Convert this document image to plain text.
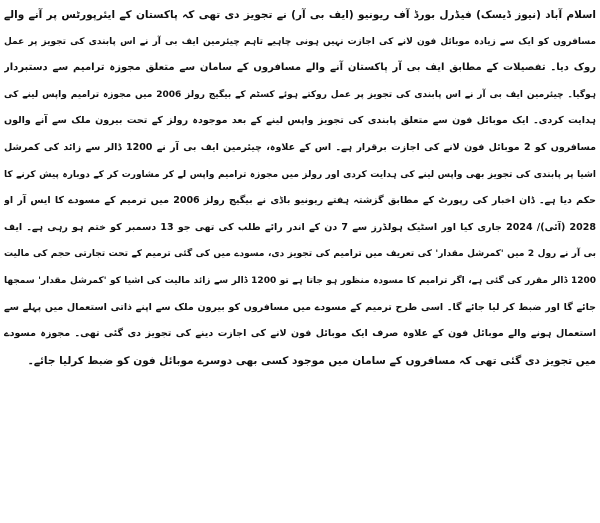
اسلام آباد (نیوز ڈیسک) فیڈرل بورڈ آف ریونیو (ایف بی آر) نے تجویز دی تھی کہ پاکستان کے ایئرپورٹس پر آنے والے
مسافروں کو ایک سے زیادہ موبائل فون لانے کی اجازت نہیں ہونی چاہیے تاہم چیئرمین ایف بی آر نے اس پابندی کی تجویز پر عمل
روک دیا۔ تفصیلات کے مطابق ایف بی آر پاکستان آنے والے مسافروں کے سامان سے متعلق مجوزہ ترامیم سے دستبردار
ہوگیا۔ چیئرمین ایف بی آر نے اس پابندی کی تجویز پر عمل روکتے ہوئے کسٹم کے بیگیج رولز 2006 میں مجوزہ ترامیم واپس لینے کی
ہدایت کردی۔ ایک موبائل فون سے متعلق پابندی کی تجویز واپس لینے کے بعد موجودہ رولز کے تحت بیرون ملک سے آنے والوں
مسافروں کو 2 موبائل فون لانے کی اجازت برقرار ہے۔ اس کے علاوہ، چیئرمین ایف بی آر نے 1200 ڈالر سے زائد کی کمرشل
اشیا پر پابندی کی تجویز بھی واپس لینے کی ہدایت کردی اور رولز میں مجوزہ ترامیم واپس لے کر مشاورت کر کے دوبارہ پیش کرنے کا
حکم دیا ہے۔ ڈان اخبار کی رپورٹ کے مطابق گزشتہ ہفتے ریونیو باڈی نے بیگیج رولز 2006 میں ترمیم کے مسودے کا ایس آر او
2028 (آئی)/ 2024 جاری کیا اور اسٹیک ہولڈرز سے 7 دن کے اندر رائے طلب کی تھی جو 13 دسمبر کو ختم ہو رہی ہے۔ ایف
بی آر نے رول 2 میں 'کمرشل مقدار' کی تعریف میں ترامیم کی تجویز دی، مسودے میں کی گئی ترمیم کے تحت تجارتی حجم کی مالیت
1200 ڈالر مقرر کی گئی ہے، اگر ترامیم کا مسودہ منظور ہو جاتا ہے تو 1200 ڈالر سے زائد مالیت کی اشیا کو 'کمرشل مقدار' سمجھا
جائے گا اور ضبط کر لیا جائے گا۔ اسی طرح ترمیم کے مسودے میں مسافروں کو بیرون ملک سے اپنے ذاتی استعمال میں پہلے سے
استعمال ہونے والے موبائل فون کے علاوہ صرف ایک موبائل فون لانے کی اجازت دینے کی تجویز دی گئی تھی۔ مجوزہ مسودے
میں تجویز دی گئی تھی کہ مسافروں کے سامان میں موجود کسی بھی دوسرے موبائل فون کو ضبط کرلیا جائے۔
